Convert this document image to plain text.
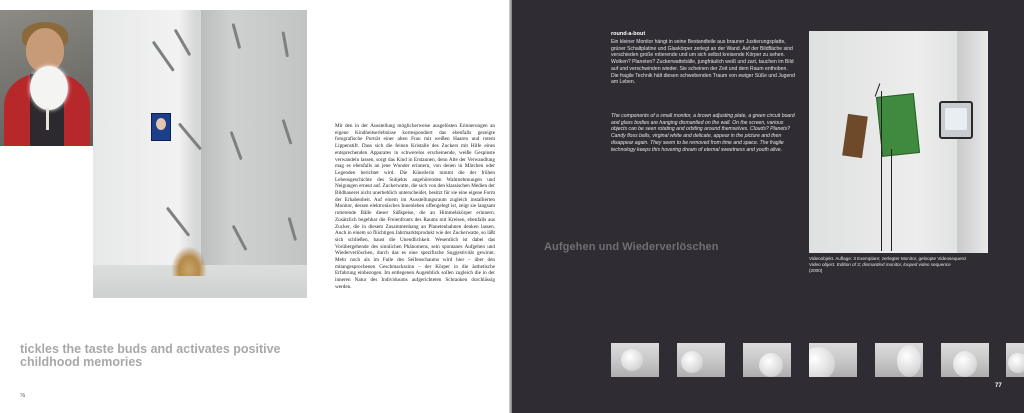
tickles the taste buds and activates positive childhood memories
76
Mit den in der Ausstellung möglicherweise ausgelösten Erinnerungen an eigene Kindheitserlebnisse korrespondiert das ebenfalls gezeigte fotografische Porträt einer alten Frau mit weißen Haaren und rotem Lippenstift. Dass sich die feinen Kristalle des Zuckers mit Hilfe eines entsprechenden Apparates in schwerelos erscheinende, weiße Gespinste verwandeln lassen, sorgt das Kind in Erstaunen, denn Alte der Verwandlung mag es ebenfalls an jene Wunder erinnern, von denen in Märchen oder Legenden berichtet wird. Die Künstlerin nimmt die der frühen Lebensgeschichte des Subjekts angehörenden Wahrnehmungen und Neigungen erneut auf. Zuckerwatte, die sich von den klassischen Medien der Bildhauerei nicht unerheblich unterscheidet, besitzt für sie eine eigene Form der Erhabenheit. Auf einem im Ausstellungsraum zugleich installierten Monitor, dessen elektronisches Innenleben offengelegt ist, zeigt sie langsam rotierende Bälle dieser Süßspeise, die an Himmelskörper erinnern. Zusätzlich begehbar die Freienfronts des Raums mit Kreisen, ebenfalls aus Zucker, die in diesem Zusammenhang an Planetenbahnen denken lassen. Auch in einem so flüchtigen Jahrmarktsprodukt wie der Zuckerwatte, so läßt sich schließen, haust die Unendlichkeit. Wesentlich ist dabei das Vorübergehende des sinnlichen Phänomens, sein spontanes Aufgehen und Wiederverlöschen, durch das es eine spezifische Suggestivität gewinnt. Mehr noch als im Falle des Seifenschaums wird hier – über den mitangesprochenen Geschmackssinn – der Körper in die ästhetische Erfahrung einbezogen. Im entlegenen Augenblick sollen zugleich die in der inneren Natur des Individuums aufgerichteten Schranken durchlässig werden.
round-a-bout

Ein kleiner Monitor hängt in seine Bestandteile aus brauner Justierungsplatte, grüner Schaltplatine und Glaskörper zerlegt an der Wand. Auf der Bildfläche sind verschieden große rotierende und um sich selbst kreisende Körper zu sehen. Wolken? Planeten? Zuckerwattebälle, jungfräulich weiß und zart, tauchen im Bild auf und verschwinden wieder. Sie scheinen der Zeit und dem Raum enthoben. Die fragile Technik hält diesen schwebenden Traum von ewiger Süße und Jugend am Leben.

The components of a small monitor, a brown adjusting plate, a green circuit board and glass bodies are hanging dismantled on the wall. On the screen, various objects can be seen rotating and orbiting around themselves. Clouds? Planets? Candy floss balls, virginal white and delicate, appear in the picture and then disappear again. They seem to be removed from time and space. The fragile technology keeps this hovering dream of eternal sweetness and youth alive.

Aufgehen und Wiederverlöschen
Videoobjekt. Auflage: 3 Exemplare; zerlegter Monitor, geloopte Videosequenz
Video object. Edition of 3; dismantled monitor, looped video sequence
(2000)
77
